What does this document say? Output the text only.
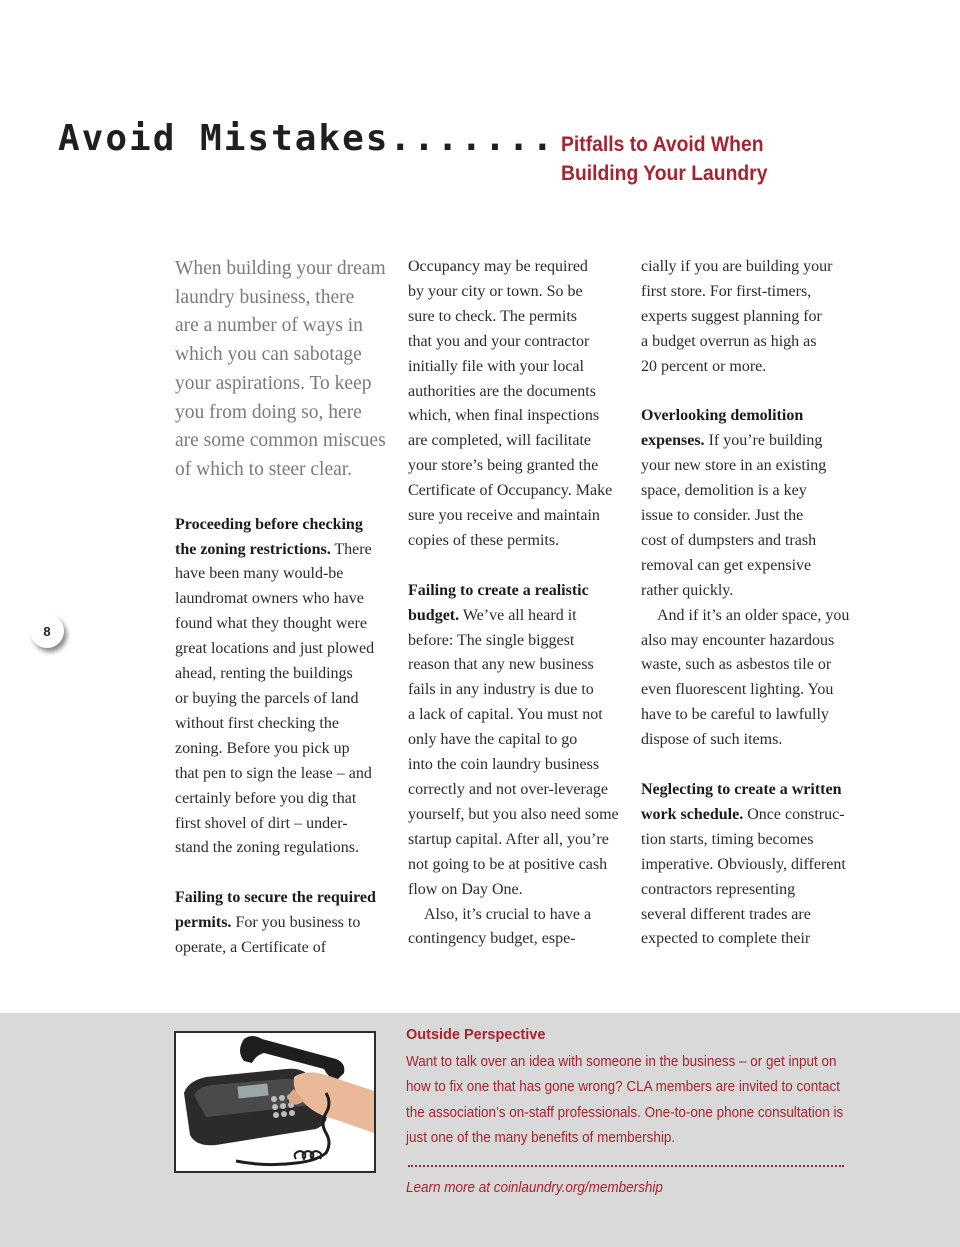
Avoid Mistakes....... Pitfalls to Avoid When Building Your Laundry
8

When building your dream
laundry business, there
are a number of ways in
which you can sabotage
your aspirations. To keep
you from doing so, here
are some common miscues
of which to steer clear.

Proceeding before checking
the zoning restrictions. There
have been many would-be
laundromat owners who have
found what they thought were
great locations and just plowed
ahead, renting the buildings
or buying the parcels of land
without first checking the
zoning. Before you pick up
that pen to sign the lease – and
certainly before you dig that
first shovel of dirt – under-
stand the zoning regulations.

Failing to secure the required
permits. For you business to
operate, a Certificate of

Occupancy may be required
by your city or town. So be
sure to check. The permits
that you and your contractor
initially file with your local
authorities are the documents
which, when final inspections
are completed, will facilitate
your store’s being granted the
Certificate of Occupancy. Make
sure you receive and maintain
copies of these permits.

Failing to create a realistic
budget. We’ve all heard it
before: The single biggest
reason that any new business
fails in any industry is due to
a lack of capital. You must not
only have the capital to go
into the coin laundry business
correctly and not over-leverage
yourself, but you also need some
startup capital. After all, you’re
not going to be at positive cash
flow on Day One.

Also, it’s crucial to have a
contingency budget, espe-

cially if you are building your
first store. For first-timers,
experts suggest planning for
a budget overrun as high as
20 percent or more.

Overlooking demolition
expenses. If you’re building
your new store in an existing
space, demolition is a key
issue to consider. Just the
cost of dumpsters and trash
removal can get expensive
rather quickly.

And if it’s an older space, you
also may encounter hazardous
waste, such as asbestos tile or
even fluorescent lighting. You
have to be careful to lawfully
dispose of such items.

Neglecting to create a written
work schedule. Once construc-
tion starts, timing becomes
imperative. Obviously, different
contractors representing
several different trades are
expected to complete their

Outside Perspective

Want to talk over an idea with someone in the business – or get input on
how to fix one that has gone wrong? CLA members are invited to contact
the association’s on-staff professionals. One-to-one phone consultation is
just one of the many benefits of membership.

Learn more at coinlaundry.org/membership
